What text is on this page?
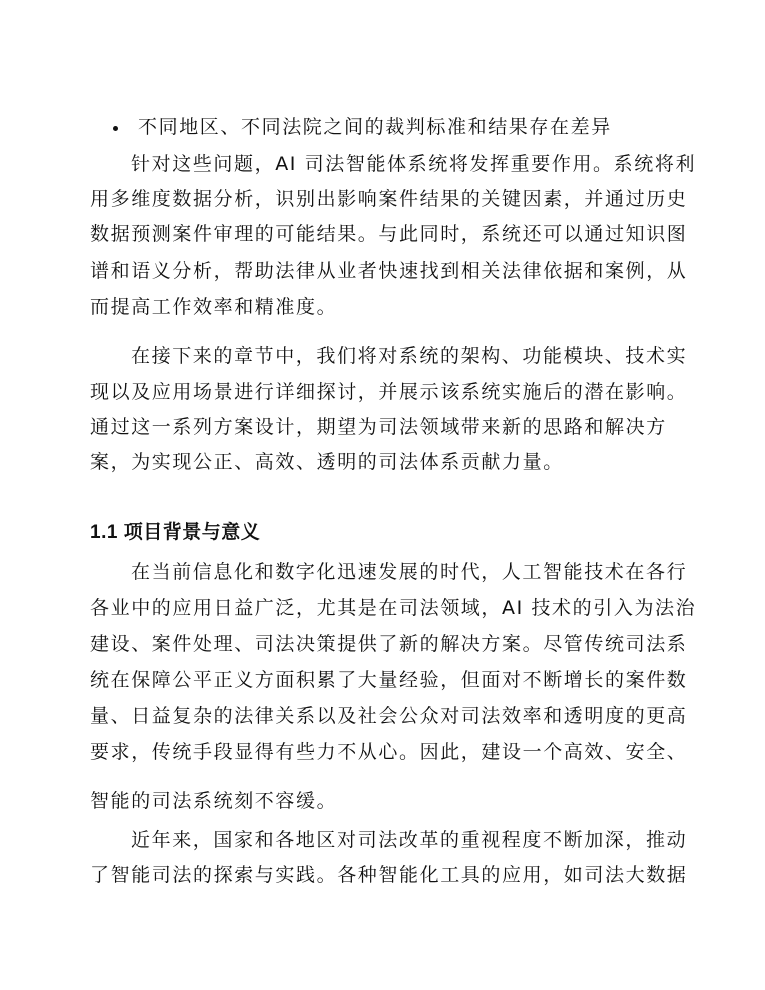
不同地区、不同法院之间的裁判标准和结果存在差异
针对这些问题，AI 司法智能体系统将发挥重要作用。系统将利
用多维度数据分析，识别出影响案件结果的关键因素，并通过历史
数据预测案件审理的可能结果。与此同时，系统还可以通过知识图
谱和语义分析，帮助法律从业者快速找到相关法律依据和案例，从
而提高工作效率和精准度。
在接下来的章节中，我们将对系统的架构、功能模块、技术实
现以及应用场景进行详细探讨，并展示该系统实施后的潜在影响。
通过这一系列方案设计，期望为司法领域带来新的思路和解决方
案，为实现公正、高效、透明的司法体系贡献力量。
1.1 项目背景与意义
在当前信息化和数字化迅速发展的时代，人工智能技术在各行
各业中的应用日益广泛，尤其是在司法领域，AI 技术的引入为法治
建设、案件处理、司法决策提供了新的解决方案。尽管传统司法系
统在保障公平正义方面积累了大量经验，但面对不断增长的案件数
量、日益复杂的法律关系以及社会公众对司法效率和透明度的更高
要求，传统手段显得有些力不从心。因此，建设一个高效、安全、
智能的司法系统刻不容缓。
近年来，国家和各地区对司法改革的重视程度不断加深，推动
了智能司法的探索与实践。各种智能化工具的应用，如司法大数据
